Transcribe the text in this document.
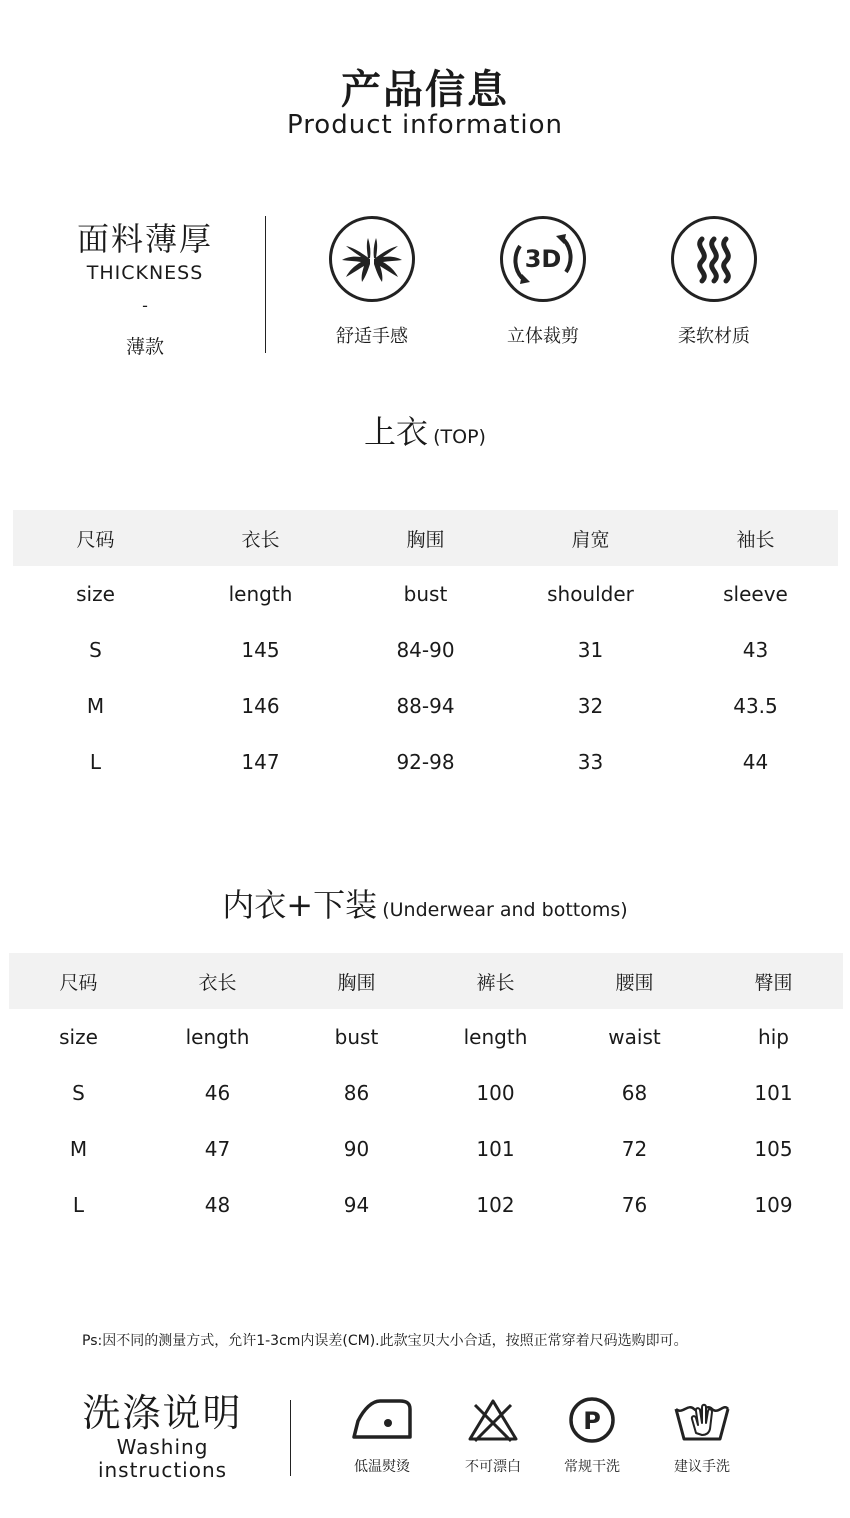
产品信息
Product information
面料薄厚
THICKNESS
-
薄款	舒适手感
3D
立体裁剪	柔软材质
上衣 (TOP)
尺码	衣长	胸围	肩宽	袖长
size	length	bust	shoulder	sleeve
S	145	84-90	31	43
M	146	88-94	32	43.5
L	147	92-98	33	44
内衣+下装 (Underwear and bottoms)
尺码	衣长	胸围	裤长	腰围	臀围
size	length	bust	length	waist	hip
S	46	86	100	68	101
M	47	90	101	72	105
L	48	94	102	76	109
Ps:因不同的测量方式，允许1-3cm内误差(CM).此款宝贝大小合适，按照正常穿着尺码选购即可。
洗涤说明
Washing
instructions	低温熨烫	不可漂白
P
常规干洗	建议手洗
